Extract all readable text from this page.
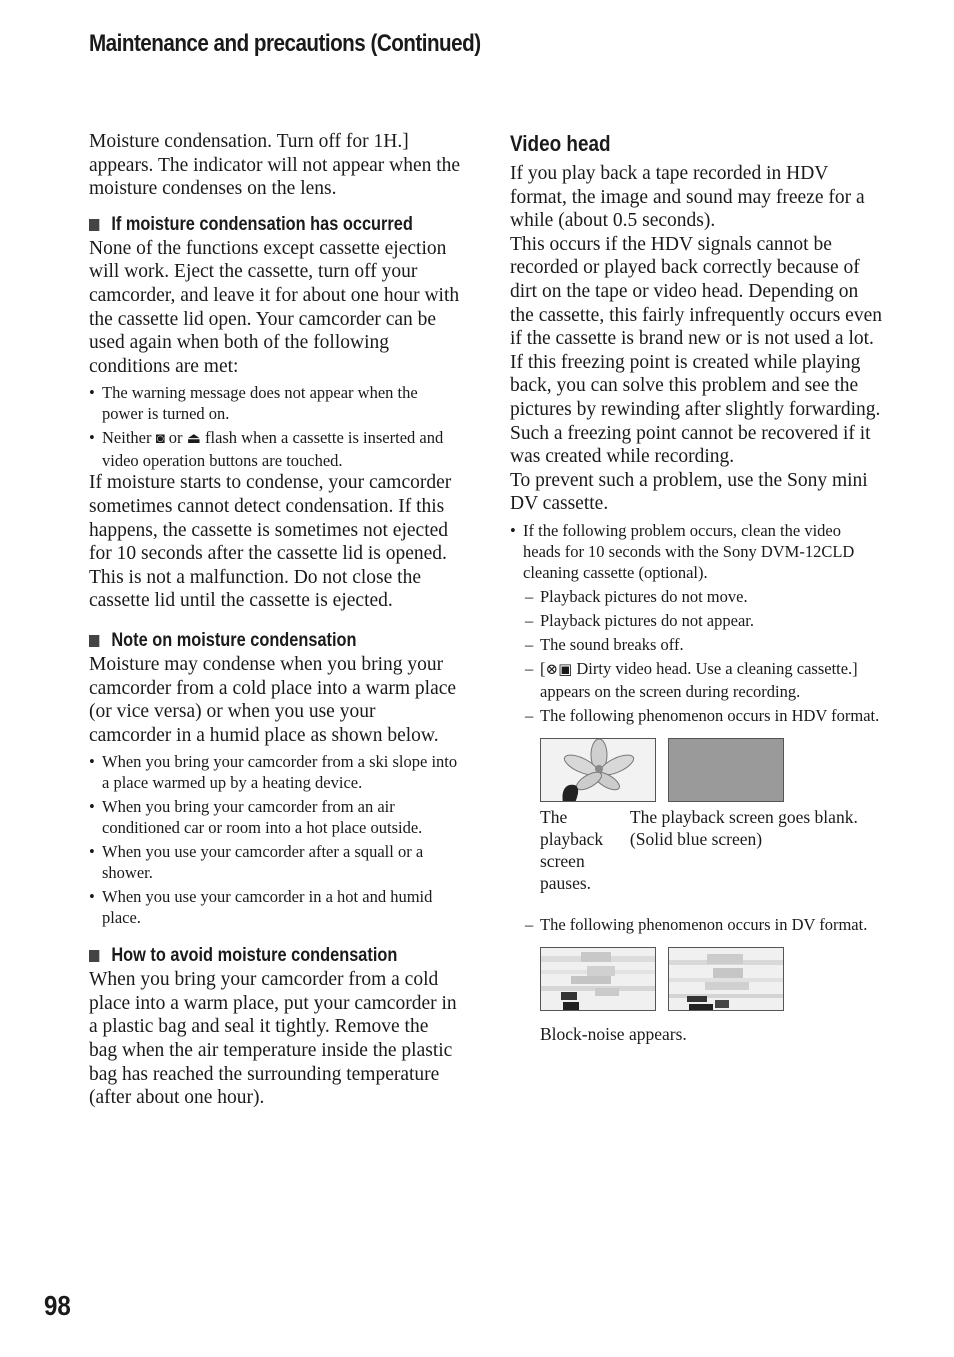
Maintenance and precautions (Continued)

Moisture condensation. Turn off for 1H.] appears. The indicator will not appear when the moisture condenses on the lens.

If moisture condensation has occurred

None of the functions except cassette ejection will work. Eject the cassette, turn off your camcorder, and leave it for about one hour with the cassette lid open. Your camcorder can be used again when both of the following conditions are met:

• The warning message does not appear when the power is turned on.
• Neither ◙ or ⏏ flash when a cassette is inserted and video operation buttons are touched.

If moisture starts to condense, your camcorder sometimes cannot detect condensation. If this happens, the cassette is sometimes not ejected for 10 seconds after the cassette lid is opened. This is not a malfunction. Do not close the cassette lid until the cassette is ejected.

Note on moisture condensation

Moisture may condense when you bring your camcorder from a cold place into a warm place (or vice versa) or when you use your camcorder in a humid place as shown below.

• When you bring your camcorder from a ski slope into a place warmed up by a heating device.
• When you bring your camcorder from an air conditioned car or room into a hot place outside.
• When you use your camcorder after a squall or a shower.
• When you use your camcorder in a hot and humid place.
How to avoid moisture condensation

When you bring your camcorder from a cold place into a warm place, put your camcorder in a plastic bag and seal it tightly. Remove the bag when the air temperature inside the plastic bag has reached the surrounding temperature (after about one hour).

Video head

If you play back a tape recorded in HDV format, the image and sound may freeze for a while (about 0.5 seconds).

This occurs if the HDV signals cannot be recorded or played back correctly because of dirt on the tape or video head. Depending on the cassette, this fairly infrequently occurs even if the cassette is brand new or is not used a lot.

If this freezing point is created while playing back, you can solve this problem and see the pictures by rewinding after slightly forwarding. Such a freezing point cannot be recovered if it was created while recording.

To prevent such a problem, use the Sony mini DV cassette.

• If the following problem occurs, clean the video heads for 10 seconds with the Sony DVM-12CLD cleaning cassette (optional).
– Playback pictures do not move.
– Playback pictures do not appear.
– The sound breaks off.
– [⊗▣ Dirty video head. Use a cleaning cassette.] appears on the screen during recording.
– The following phenomenon occurs in HDV format.
The playback screen pauses.
The playback screen goes blank. (Solid blue screen)
– The following phenomenon occurs in DV format.
Block-noise appears.
98
